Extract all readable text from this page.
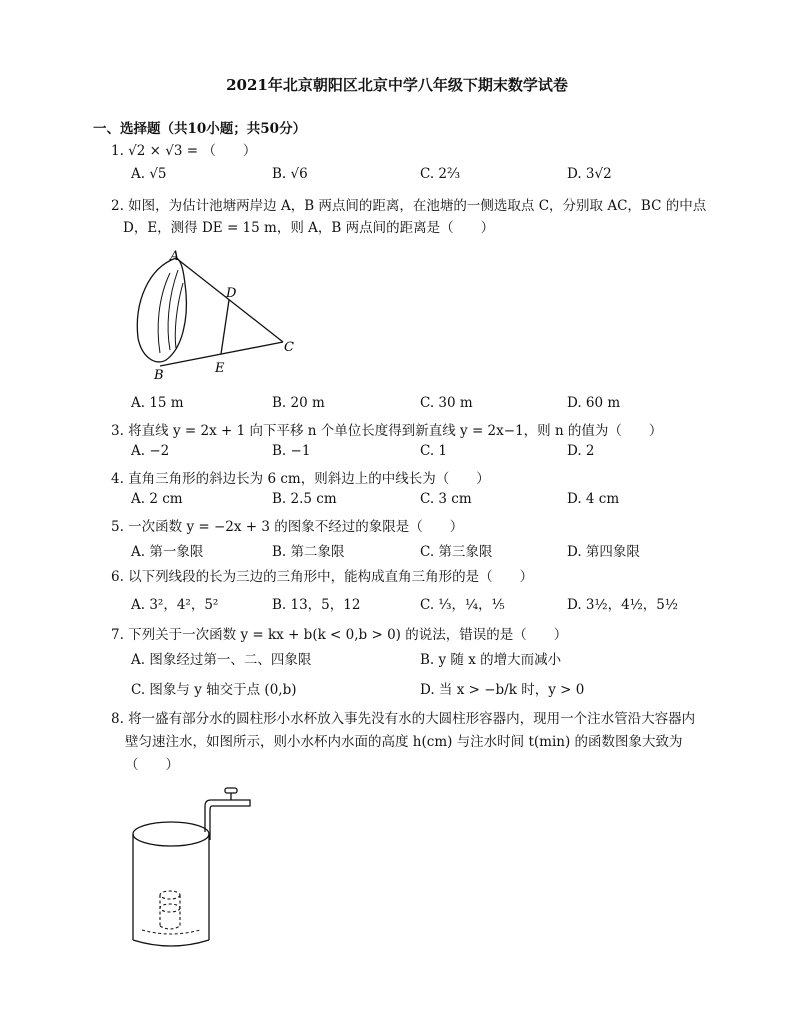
2021年北京朝阳区北京中学八年级下期末数学试卷
一、选择题（共10小题；共50分）
1. √2 × √3 = （　　）
A. √5	B. √6	C. 2⅔	D. 3√2
2. 如图，为估计池塘两岸边 A，B 两点间的距离，在池塘的一侧选取点 C，分别取 AC，BC 的中点
D，E，测得 DE = 15 m，则 A，B 两点间的距离是（　　）
A
D
C
E
B
A. 15 m	B. 20 m	C. 30 m	D. 60 m
3. 将直线 y = 2x + 1 向下平移 n 个单位长度得到新直线 y = 2x−1，则 n 的值为（　　）
A. −2	B. −1	C. 1	D. 2
4. 直角三角形的斜边长为 6 cm，则斜边上的中线长为（　　）
A. 2 cm	B. 2.5 cm	C. 3 cm	D. 4 cm
5. 一次函数 y = −2x + 3 的图象不经过的象限是（　　）
A. 第一象限	B. 第二象限	C. 第三象限	D. 第四象限
6. 以下列线段的长为三边的三角形中，能构成直角三角形的是（　　）
A. 3²，4²，5²	B. 13，5，12	C. ⅓，¼，⅕	D. 3½，4½，5½
7. 下列关于一次函数 y = kx + b(k < 0,b > 0) 的说法，错误的是（　　）
A. 图象经过第一、二、四象限	B. y 随 x 的增大而减小
C. 图象与 y 轴交于点 (0,b)	D. 当 x > −b/k 时，y > 0
8. 将一盛有部分水的圆柱形小水杯放入事先没有水的大圆柱形容器内，现用一个注水管沿大容器内
壁匀速注水，如图所示，则小水杯内水面的高度 h(cm) 与注水时间 t(min) 的函数图象大致为
（　　）
